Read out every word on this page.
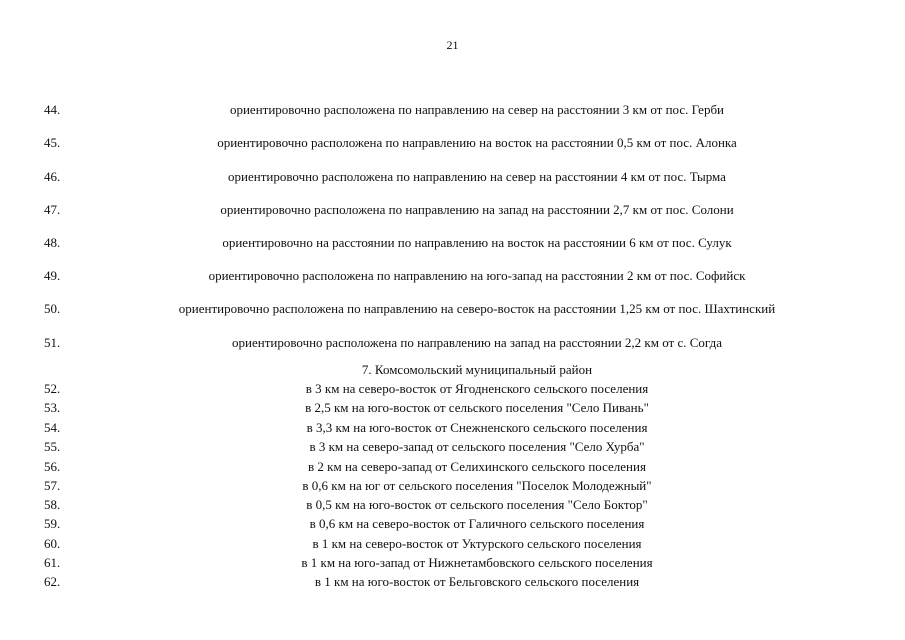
21
44.	ориентировочно расположена по направлению на север на расстоянии 3 км от пос. Герби
45.	ориентировочно расположена по направлению на восток на расстоянии 0,5 км от пос. Алонка
46.	ориентировочно расположена по направлению на север на расстоянии 4 км от пос. Тырма
47.	ориентировочно расположена по направлению на запад на расстоянии 2,7 км от пос. Солони
48.	ориентировочно на расстоянии по направлению на восток на расстоянии 6 км от пос. Сулук
49.	ориентировочно расположена по направлению на юго-запад на расстоянии 2 км от пос. Софийск
50.	ориентировочно расположена по направлению на северо-восток на расстоянии 1,25 км от пос. Шахтинский
51.	ориентировочно расположена по направлению на запад на расстоянии 2,2 км от с. Согда
7. Комсомольский муниципальный район
52.	в 3 км на северо-восток от Ягодненского сельского поселения
53.	в 2,5 км на юго-восток от сельского поселения "Село Пивань"
54.	в 3,3 км на юго-восток от Снежненского сельского поселения
55.	в 3 км на северо-запад от сельского поселения "Село Хурба"
56.	в 2 км на северо-запад от Селихинского сельского поселения
57.	в 0,6 км на юг от сельского поселения "Поселок Молодежный"
58.	в 0,5 км на юго-восток от сельского поселения "Село Боктор"
59.	в 0,6 км на северо-восток от Галичного сельского поселения
60.	в 1 км на северо-восток от Уктурского сельского поселения
61.	в 1 км на юго-запад от Нижнетамбовского сельского поселения
62.	в 1 км на юго-восток от Бельговского сельского поселения
